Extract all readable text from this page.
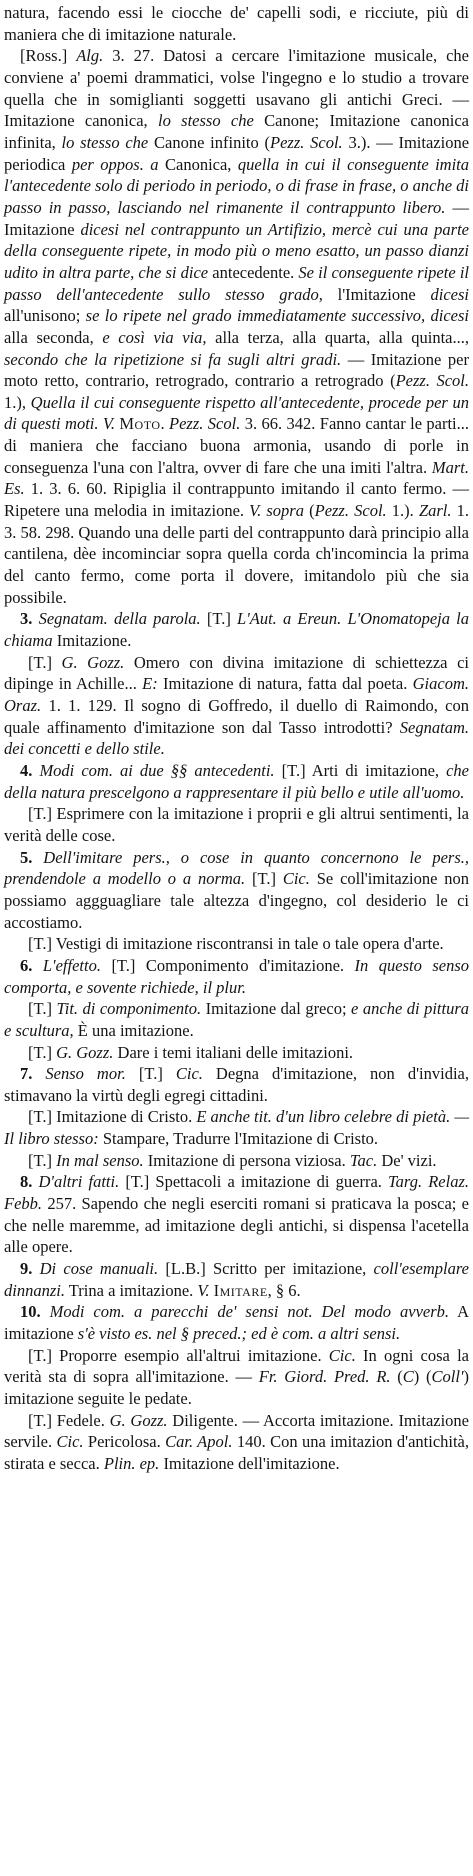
natura, facendo essi le ciocche de' capelli sodi, e ricciute, più di maniera che di imitazione naturale.

[Ross.] Alg. 3. 27. Datosi a cercare l'imitazione musicale, che conviene a' poemi drammatici, volse l'ingegno e lo studio a trovare quella che in somiglianti soggetti usavano gli antichi Greci. — Imitazione canonica, lo stesso che Canone; Imitazione canonica infinita, lo stesso che Canone infinito (Pezz. Scol. 3.). — Imitazione periodica per oppos. a Canonica, quella in cui il conseguente imita l'antecedente solo di periodo in periodo, o di frase in frase, o anche di passo in passo, lasciando nel rimanente il contrappunto libero. — Imitazione dicesi nel contrappunto un Artifizio, mercè cui una parte della conseguente ripete, in modo più o meno esatto, un passo dianzi udito in altra parte, che si dice antecedente. Se il conseguente ripete il passo dell'antecedente sullo stesso grado, l'Imitazione dicesi all'unisono; se lo ripete nel grado immediatamente successivo, dicesi alla seconda, e così via via, alla terza, alla quarta, alla quinta..., secondo che la ripetizione si fa sugli altri gradi. — Imitazione per moto retto, contrario, retrogrado, contrario a retrogrado (Pezz. Scol. 1.), Quella il cui conseguente rispetto all'antecedente, procede per un di questi moti. V. Moto. Pezz. Scol. 3. 66. 342. Fanno cantar le parti... di maniera che facciano buona armonia, usando di porle in conseguenza l'una con l'altra, ovver di fare che una imiti l'altra. Mart. Es. 1. 3. 6. 60. Ripiglia il contrappunto imitando il canto fermo. — Ripetere una melodia in imitazione. V. sopra (Pezz. Scol. 1.). Zarl. 1. 3. 58. 298. Quando una delle parti del contrappunto darà principio alla cantilena, dèe incominciar sopra quella corda ch'incomincia la prima del canto fermo, come porta il dovere, imitandolo più che sia possibile.

3. Segnatam. della parola. [T.] L'Aut. a Ereun. L'Onomatopeja la chiama Imitazione.

[T.] G. Gozz. Omero con divina imitazione di schiettezza ci dipinge in Achille... E: Imitazione di natura, fatta dal poeta. Giacom. Oraz. 1. 1. 129. Il sogno di Goffredo, il duello di Raimondo, con quale affinamento d'imitazione son dal Tasso introdotti? Segnatam. dei concetti e dello stile.

4. Modi com. ai due §§ antecedenti. [T.] Arti di imitazione, che della natura prescelgono a rappresentare il più bello e utile all'uomo.

[T.] Esprimere con la imitazione i proprii e gli altrui sentimenti, la verità delle cose.

5. Dell'imitare pers., o cose in quanto concernono le pers., prendendole a modello o a norma. [T.] Cic. Se coll'imitazione non possiamo aggguagliare tale altezza d'ingegno, col desiderio le ci accostiamo.

[T.] Vestigi di imitazione riscontransi in tale o tale opera d'arte.

6. L'effetto. [T.] Componimento d'imitazione. In questo senso comporta, e sovente richiede, il plur.

[T.] Tit. di componimento. Imitazione dal greco; e anche di pittura e scultura, È una imitazione.

[T.] G. Gozz. Dare i temi italiani delle imitazioni.

7. Senso mor. [T.] Cic. Degna d'imitazione, non d'invidia, stimavano la virtù degli egregi cittadini.

[T.] Imitazione di Cristo. E anche tit. d'un libro celebre di pietà. — Il libro stesso: Stampare, Tradurre l'Imitazione di Cristo.

[T.] In mal senso. Imitazione di persona viziosa. Tac. De' vizi.

8. D'altri fatti. [T.] Spettacoli a imitazione di guerra. Targ. Relaz. Febb. 257. Sapendo che negli eserciti romani si praticava la posca; e che nelle maremme, ad imitazione degli antichi, si dispensa l'acetella alle opere.

9. Di cose manuali. [L.B.] Scritto per imitazione, coll'esemplare dinnanzi. Trina a imitazione. V. Imitare, § 6.

10. Modi com. a parecchi de' sensi not. Del modo avverb. A imitazione s'è visto es. nel § preced.; ed è com. a altri sensi.

[T.] Proporre esempio all'altrui imitazione. Cic. In ogni cosa la verità sta di sopra all'imitazione. — Fr. Giord. Pred. R. (C) (Coll') imitazione seguite le pedate.

[T.] Fedele. G. Gozz. Diligente. — Accorta imitazione. Imitazione servile. Cic. Pericolosa. Car. Apol. 140. Con una imitazion d'antichità, stirata e secca. Plin. ep. Imitazione dell'imitazione.
